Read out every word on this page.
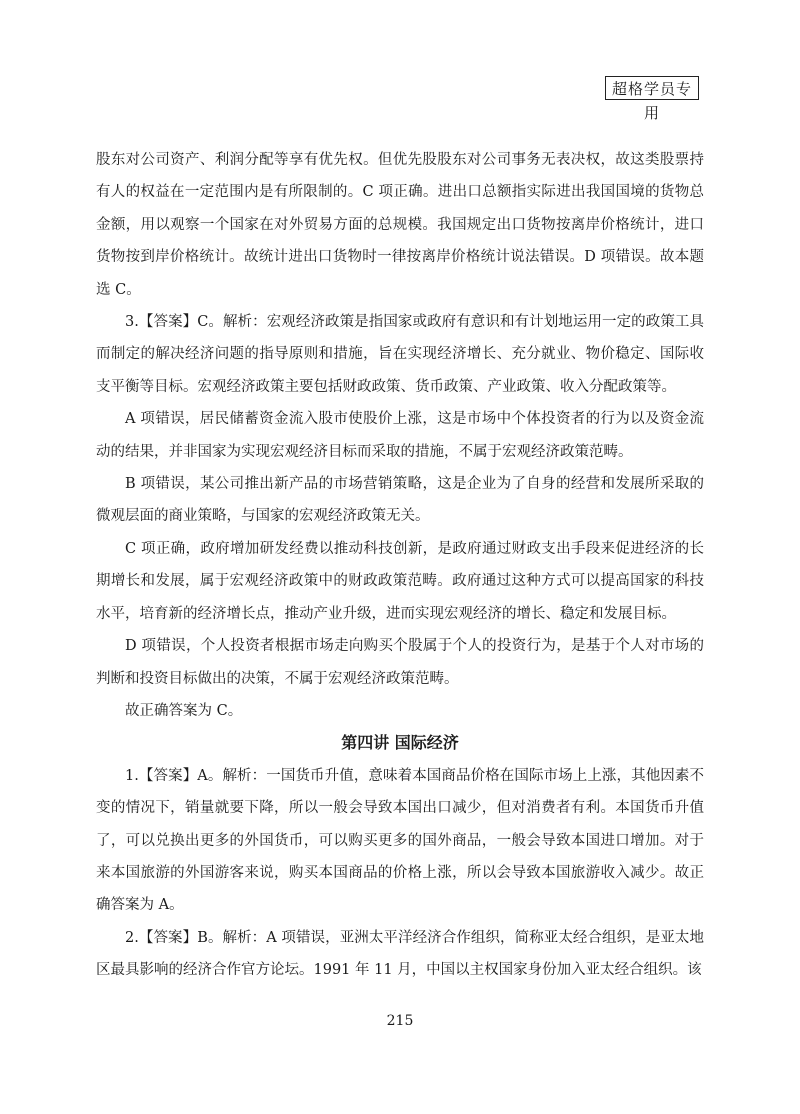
超格学员专用

股东对公司资产、利润分配等享有优先权。但优先股股东对公司事务无表决权，故这类股票持有人的权益在一定范围内是有所限制的。C 项正确。进出口总额指实际进出我国国境的货物总金额，用以观察一个国家在对外贸易方面的总规模。我国规定出口货物按离岸价格统计，进口货物按到岸价格统计。故统计进出口货物时一律按离岸价格统计说法错误。D 项错误。故本题选 C。

3.【答案】C。解析：宏观经济政策是指国家或政府有意识和有计划地运用一定的政策工具而制定的解决经济问题的指导原则和措施，旨在实现经济增长、充分就业、物价稳定、国际收支平衡等目标。宏观经济政策主要包括财政政策、货币政策、产业政策、收入分配政策等。

A 项错误，居民储蓄资金流入股市使股价上涨，这是市场中个体投资者的行为以及资金流动的结果，并非国家为实现宏观经济目标而采取的措施，不属于宏观经济政策范畴。

B 项错误，某公司推出新产品的市场营销策略，这是企业为了自身的经营和发展所采取的微观层面的商业策略，与国家的宏观经济政策无关。

C 项正确，政府增加研发经费以推动科技创新，是政府通过财政支出手段来促进经济的长期增长和发展，属于宏观经济政策中的财政政策范畴。政府通过这种方式可以提高国家的科技水平，培育新的经济增长点，推动产业升级，进而实现宏观经济的增长、稳定和发展目标。

D 项错误，个人投资者根据市场走向购买个股属于个人的投资行为，是基于个人对市场的判断和投资目标做出的决策，不属于宏观经济政策范畴。

故正确答案为 C。

第四讲 国际经济

1.【答案】A。解析：一国货币升值，意味着本国商品价格在国际市场上上涨，其他因素不变的情况下，销量就要下降，所以一般会导致本国出口减少，但对消费者有利。本国货币升值了，可以兑换出更多的外国货币，可以购买更多的国外商品，一般会导致本国进口增加。对于来本国旅游的外国游客来说，购买本国商品的价格上涨，所以会导致本国旅游收入减少。故正确答案为 A。

2.【答案】B。解析：A 项错误，亚洲太平洋经济合作组织，简称亚太经合组织，是亚太地区最具影响的经济合作官方论坛。1991 年 11 月，中国以主权国家身份加入亚太经合组织。该

215
